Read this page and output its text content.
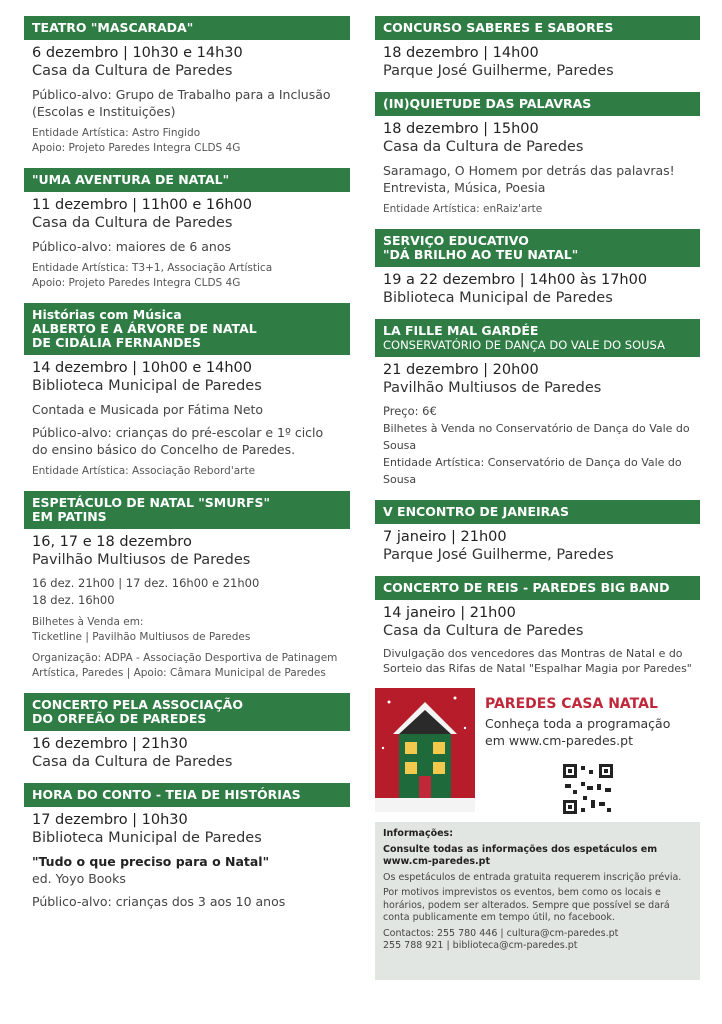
TEATRO "MASCARADA"
6 dezembro | 10h30 e 14h30
Casa da Cultura de Paredes
Público-alvo: Grupo de Trabalho para a Inclusão (Escolas e Instituições)
Entidade Artística: Astro Fingido
Apoio: Projeto Paredes Integra CLDS 4G
"UMA AVENTURA DE NATAL"
11 dezembro | 11h00 e 16h00
Casa da Cultura de Paredes
Público-alvo: maiores de 6 anos
Entidade Artística: T3+1, Associação Artística
Apoio: Projeto Paredes Integra CLDS 4G
Histórias com Música
ALBERTO E A ÁRVORE DE NATAL
DE CIDÁLIA FERNANDES
14 dezembro | 10h00 e 14h00
Biblioteca Municipal de Paredes
Contada e Musicada por Fátima Neto
Público-alvo: crianças do pré-escolar e 1º ciclo do ensino básico do Concelho de Paredes.
Entidade Artística: Associação Rebord'arte
ESPETÁCULO DE NATAL "SMURFS"
EM PATINS
16, 17 e 18 dezembro
Pavilhão Multiusos de Paredes
16 dez. 21h00 | 17 dez. 16h00 e 21h00
18 dez. 16h00
Bilhetes à Venda em:
Ticketline | Pavilhão Multiusos de Paredes
Organização: ADPA - Associação Desportiva de Patinagem Artística, Paredes | Apoio: Câmara Municipal de Paredes
CONCERTO PELA ASSOCIAÇÃO
DO ORFEÃO DE PAREDES
16 dezembro | 21h30
Casa da Cultura de Paredes
HORA DO CONTO - TEIA DE HISTÓRIAS
17 dezembro | 10h30
Biblioteca Municipal de Paredes
"Tudo o que preciso para o Natal"
ed. Yoyo Books
Público-alvo: crianças dos 3 aos 10 anos
CONCURSO SABERES E SABORES
18 dezembro | 14h00
Parque José Guilherme, Paredes
(IN)QUIETUDE DAS PALAVRAS
18 dezembro | 15h00
Casa da Cultura de Paredes
Saramago, O Homem por detrás das palavras!
Entrevista, Música, Poesia
Entidade Artística: enRaiz'arte
SERVIÇO EDUCATIVO
"DÁ BRILHO AO TEU NATAL"
19 a 22 dezembro | 14h00 às 17h00
Biblioteca Municipal de Paredes
LA FILLE MAL GARDÉE
CONSERVATÓRIO DE DANÇA DO VALE DO SOUSA
21 dezembro | 20h00
Pavilhão Multiusos de Paredes
Preço: 6€
Bilhetes à Venda no Conservatório de Dança do Vale do Sousa
Entidade Artística: Conservatório de Dança do Vale do Sousa
V ENCONTRO DE JANEIRAS
7 janeiro | 21h00
Parque José Guilherme, Paredes
CONCERTO DE REIS - PAREDES BIG BAND
14 janeiro | 21h00
Casa da Cultura de Paredes
Divulgação dos vencedores das Montras de Natal e do Sorteio das Rifas de Natal "Espalhar Magia por Paredes"
PAREDES CASA NATAL
Conheça toda a programação
em www.cm-paredes.pt

Informações:

Consulte todas as informações dos espetáculos em www.cm-paredes.pt

Os espetáculos de entrada gratuita requerem inscrição prévia.

Por motivos imprevistos os eventos, bem como os locais e horários, podem ser alterados. Sempre que possível se dará conta publicamente em tempo útil, no facebook.

Contactos: 255 780 446 | cultura@cm-paredes.pt

255 788 921 | biblioteca@cm-paredes.pt
